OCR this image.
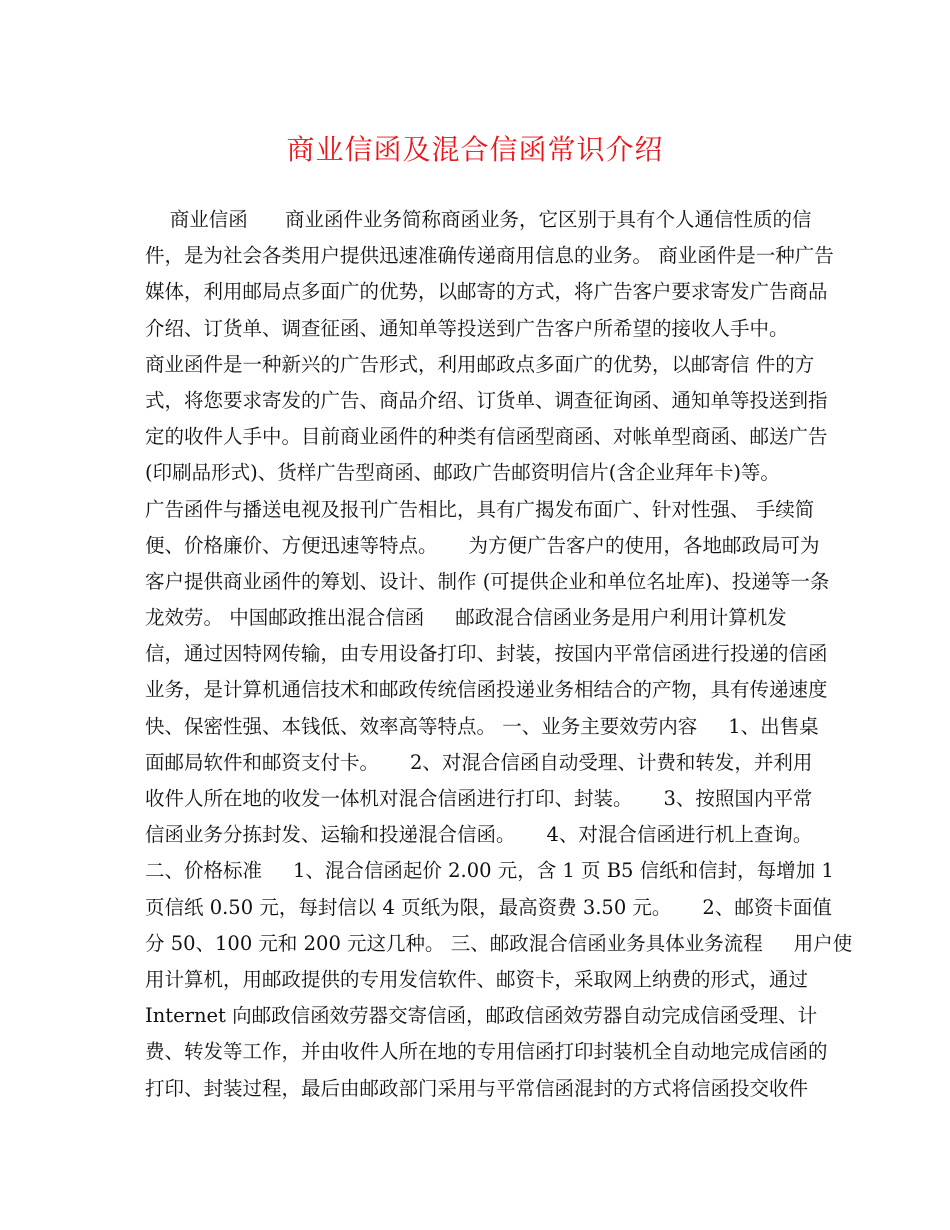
商业信函及混合信函常识介绍
商业信函      商业函件业务简称商函业务，它区别于具有个人通信性质的信
件，是为社会各类用户提供迅速准确传递商用信息的业务。 商业函件是一种广告
媒体，利用邮局点多面广的优势，以邮寄的方式，将广告客户要求寄发广告商品
介绍、订货单、调查征函、通知单等投送到广告客户所希望的接收人手中。
商业函件是一种新兴的广告形式，利用邮政点多面广的优势，以邮寄信 件的方
式，将您要求寄发的广告、商品介绍、订货单、调查征询函、通知单等投送到指
定的收件人手中。目前商业函件的种类有信函型商函、对帐单型商函、邮送广告
(印刷品形式)、货样广告型商函、邮政广告邮资明信片(含企业拜年卡)等。
广告函件与播送电视及报刊广告相比，具有广揭发布面广、针对性强、 手续简
便、价格廉价、方便迅速等特点。     为方便广告客户的使用，各地邮政局可为
客户提供商业函件的筹划、设计、制作 (可提供企业和单位名址库)、投递等一条
龙效劳。 中国邮政推出混合信函     邮政混合信函业务是用户利用计算机发
信，通过因特网传输，由专用设备打印、封装，按国内平常信函进行投递的信函
业务，是计算机通信技术和邮政传统信函投递业务相结合的产物，具有传递速度
快、保密性强、本钱低、效率高等特点。 一、业务主要效劳内容     1、出售桌
面邮局软件和邮资支付卡。     2、对混合信函自动受理、计费和转发，并利用
收件人所在地的收发一体机对混合信函进行打印、封装。     3、按照国内平常
信函业务分拣封发、运输和投递混合信函。     4、对混合信函进行机上查询。
二、价格标准     1、混合信函起价 2.00 元，含 1 页 B5 信纸和信封，每增加 1
页信纸 0.50 元，每封信以 4 页纸为限，最高资费 3.50 元。     2、邮资卡面值
分 50、100 元和 200 元这几种。 三、邮政混合信函业务具体业务流程     用户使
用计算机，用邮政提供的专用发信软件、邮资卡，采取网上纳费的形式，通过
Internet 向邮政信函效劳器交寄信函，邮政信函效劳器自动完成信函受理、计
费、转发等工作，并由收件人所在地的专用信函打印封装机全自动地完成信函的
打印、封装过程，最后由邮政部门采用与平常信函混封的方式将信函投交收件
